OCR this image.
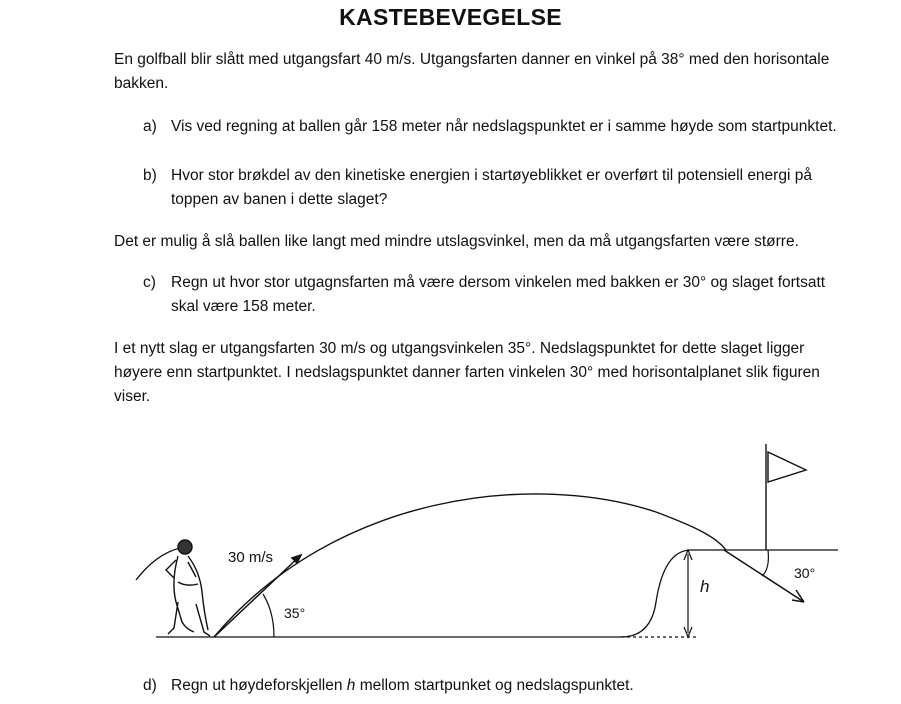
KASTEBEVEGELSE

En golfball blir slått med utgangsfart 40 m/s. Utgangsfarten danner en vinkel på 38° med den horisontale bakken.

a) Vis ved regning at ballen går 158 meter når nedslagspunktet er i samme høyde som startpunktet.
b) Hvor stor brøkdel av den kinetiske energien i startøyeblikket er overført til potensiell energi på toppen av banen i dette slaget?

Det er mulig å slå ballen like langt med mindre utslagsvinkel, men da må utgangsfarten være større.

c) Regn ut hvor stor utgagnsfarten må være dersom vinkelen med bakken er 30° og slaget fortsatt skal være 158 meter.

I et nytt slag er utgangsfarten 30 m/s og utgangsvinkelen 35°. Nedslagspunktet for dette slaget ligger høyere enn startpunktet. I nedslagspunktet danner farten vinkelen 30° med horisontalplanet slik figuren viser.

30 m/s
35°
h
30°
d) Regn ut høydeforskjellen h mellom startpunket og nedslagspunktet.
